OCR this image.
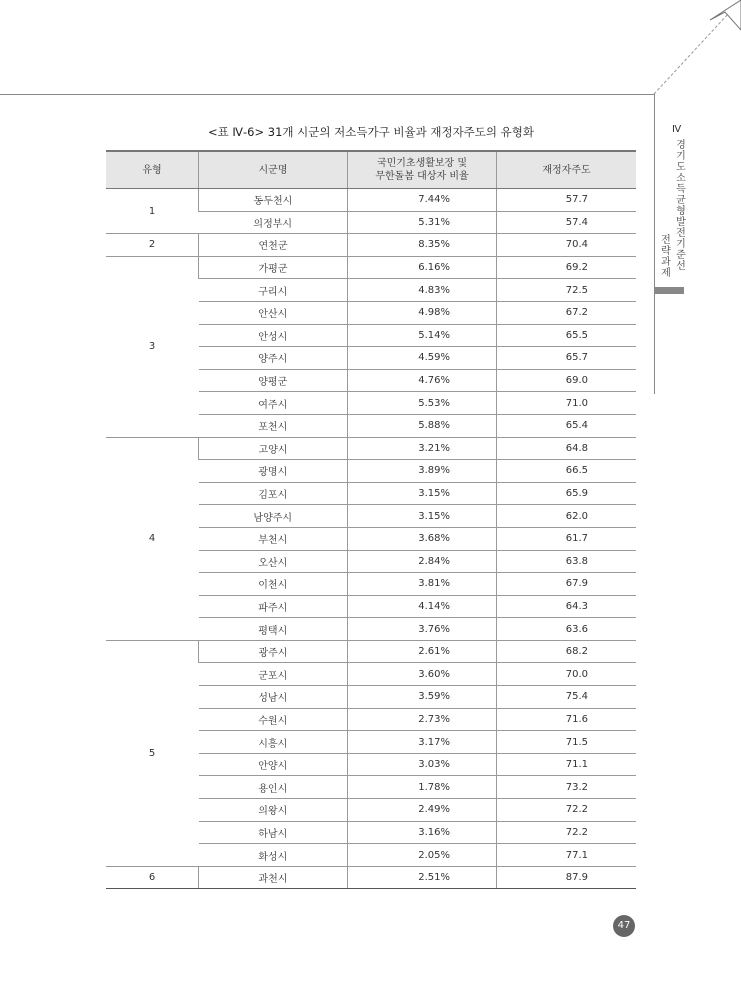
Ⅳ
경기도 소득 균형발전 기준선
전략과제
<표 Ⅳ-6> 31개 시군의 저소득가구 비율과 재정자주도의 유형화
유형	시군명	국민기초생활보장 및
무한돌봄 대상자 비율	재정자주도
1	동두천시	7.44%	57.7
	의정부시	5.31%	57.4
2	연천군	8.35%	70.4
3	가평군	6.16%	69.2
	구리시	4.83%	72.5
	안산시	4.98%	67.2
	안성시	5.14%	65.5
	양주시	4.59%	65.7
	양평군	4.76%	69.0
	여주시	5.53%	71.0
	포천시	5.88%	65.4
4	고양시	3.21%	64.8
	광명시	3.89%	66.5
	김포시	3.15%	65.9
	남양주시	3.15%	62.0
	부천시	3.68%	61.7
	오산시	2.84%	63.8
	이천시	3.81%	67.9
	파주시	4.14%	64.3
	평택시	3.76%	63.6
5	광주시	2.61%	68.2
	군포시	3.60%	70.0
	성남시	3.59%	75.4
	수원시	2.73%	71.6
	시흥시	3.17%	71.5
	안양시	3.03%	71.1
	용인시	1.78%	73.2
	의왕시	2.49%	72.2
	하남시	3.16%	72.2
	화성시	2.05%	77.1
6	과천시	2.51%	87.9
47
